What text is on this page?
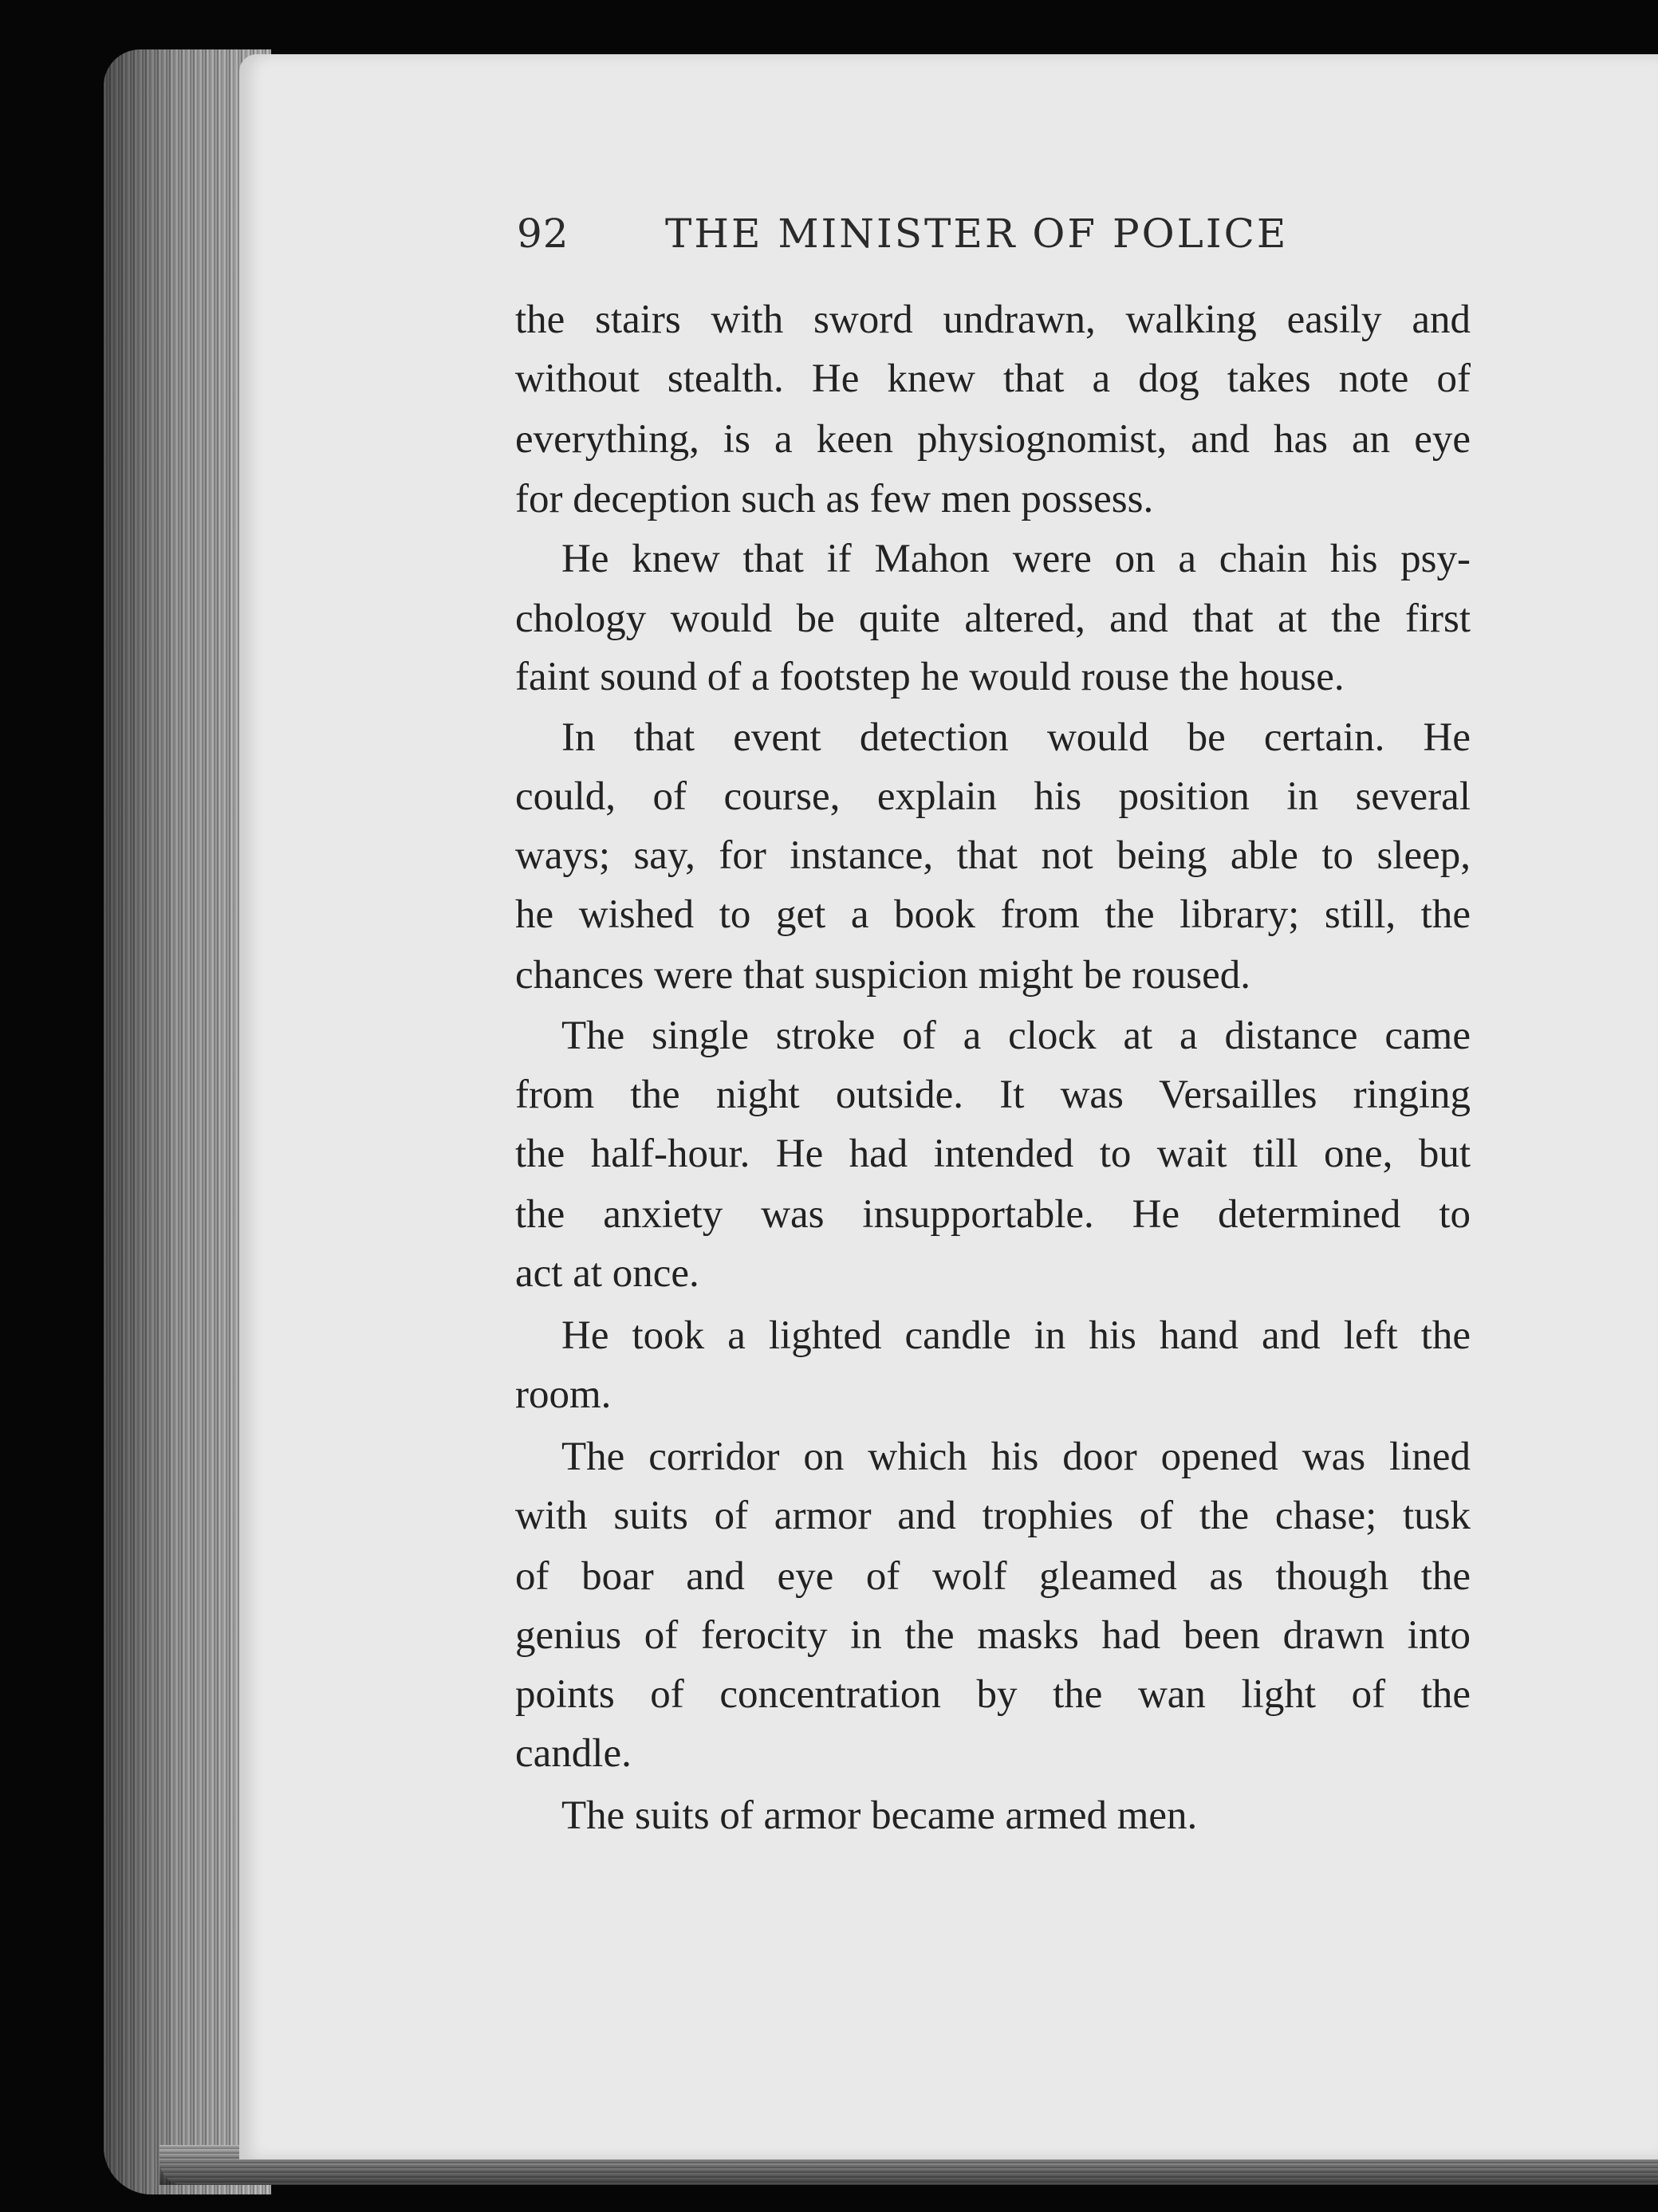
92 THE MINISTER OF POLICE
the stairs with sword undrawn, walking easily and
without stealth. He knew that a dog takes note of
everything, is a keen physiognomist, and has an eye
for deception such as few men possess.
He knew that if Mahon were on a chain his psy-
chology would be quite altered, and that at the first
faint sound of a footstep he would rouse the house.
In that event detection would be certain. He
could, of course, explain his position in several
ways; say, for instance, that not being able to sleep,
he wished to get a book from the library; still, the
chances were that suspicion might be roused.
The single stroke of a clock at a distance came
from the night outside. It was Versailles ringing
the half-hour. He had intended to wait till one, but
the anxiety was insupportable. He determined to
act at once.
He took a lighted candle in his hand and left the
room.
The corridor on which his door opened was lined
with suits of armor and trophies of the chase; tusk
of boar and eye of wolf gleamed as though the
genius of ferocity in the masks had been drawn into
points of concentration by the wan light of the
candle.
The suits of armor became armed men.
